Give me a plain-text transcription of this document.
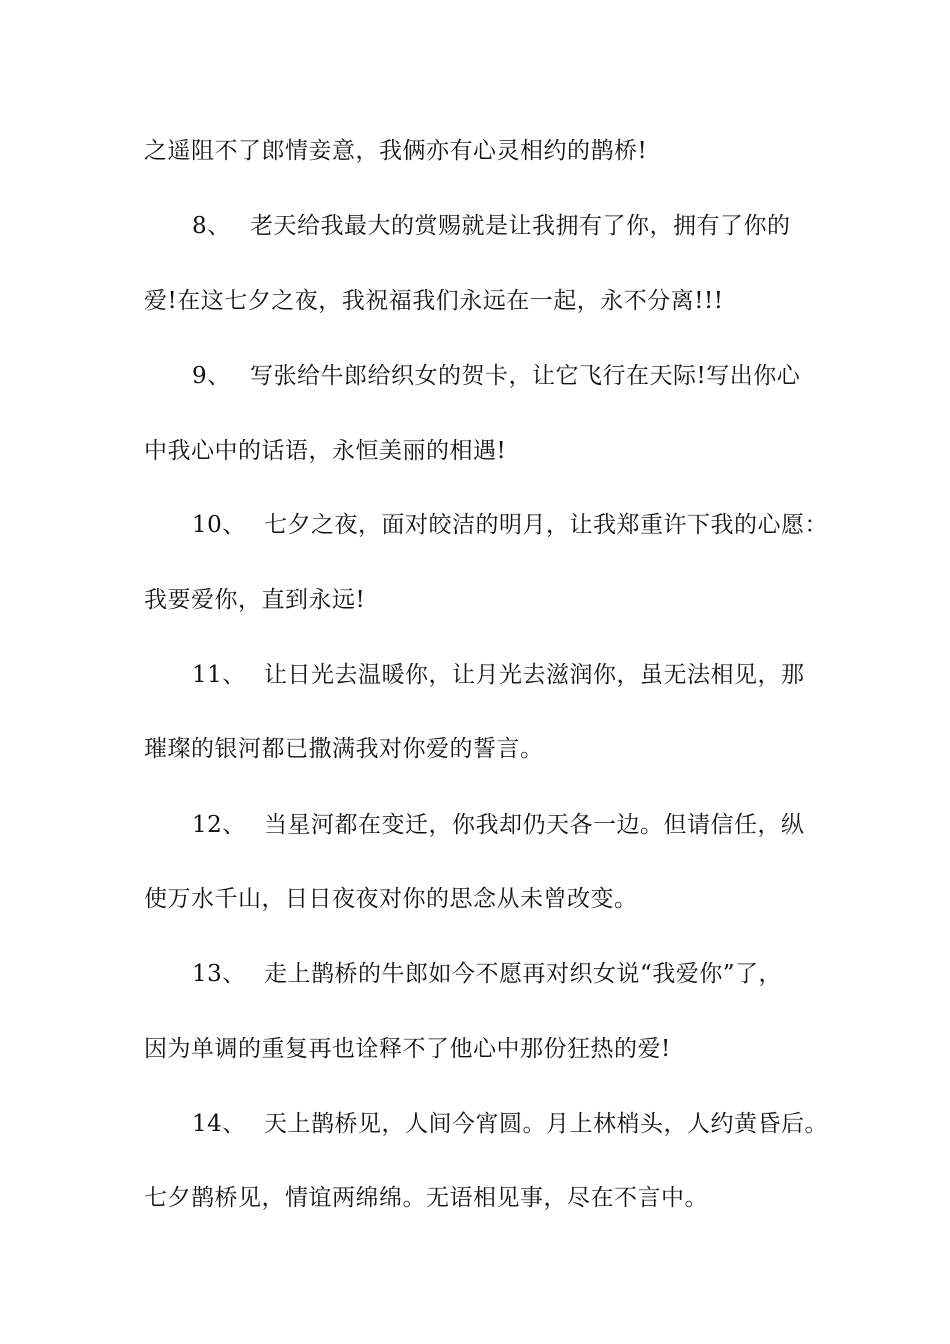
之遥阻不了郎情妾意，我俩亦有心灵相约的鹊桥!
8、 老天给我最大的赏赐就是让我拥有了你，拥有了你的
爱!在这七夕之夜，我祝福我们永远在一起，永不分离!!!
9、 写张给牛郎给织女的贺卡，让它飞行在天际!写出你心
中我心中的话语，永恒美丽的相遇!
10、 七夕之夜，面对皎洁的明月，让我郑重许下我的心愿：
我要爱你，直到永远!
11、 让日光去温暖你，让月光去滋润你，虽无法相见，那
璀璨的银河都已撒满我对你爱的誓言。
12、 当星河都在变迁，你我却仍天各一边。但请信任，纵
使万水千山，日日夜夜对你的思念从未曾改变。
13、 走上鹊桥的牛郎如今不愿再对织女说“我爱你”了，
因为单调的重复再也诠释不了他心中那份狂热的爱!
14、 天上鹊桥见，人间今宵圆。月上林梢头，人约黄昏后。
七夕鹊桥见，情谊两绵绵。无语相见事，尽在不言中。
